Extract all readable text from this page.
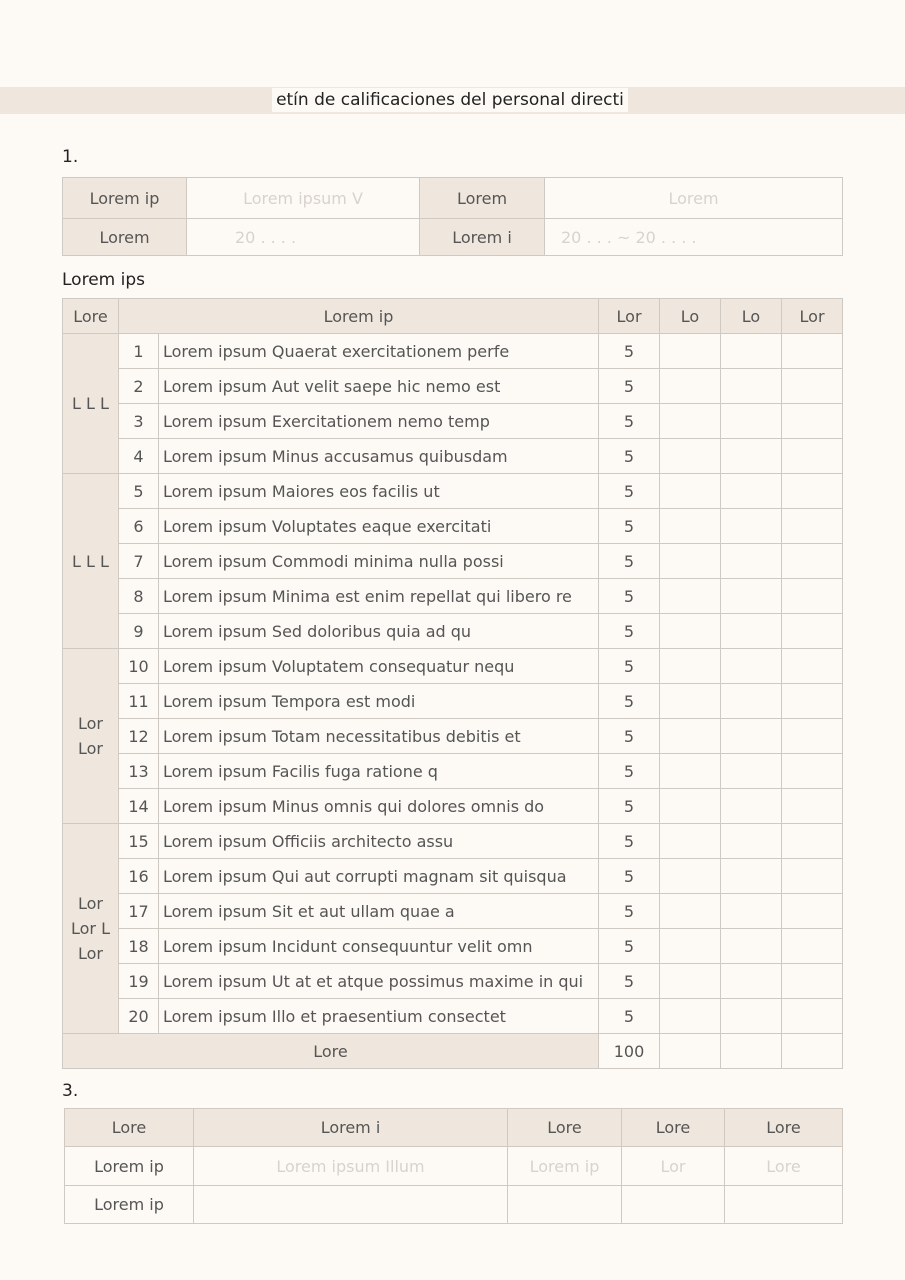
etín de calificaciones del personal directi
1.
Lorem ip	Lorem ipsum V	Lorem	Lorem
Lorem	20 . . . .	Lorem i	20 . . . ~ 20 . . . .
Lorem ips
Lore	Lorem ip		Lor	Lo	Lo	Lor
L L L	1	Lorem ipsum Quaerat exercitationem perfe	5			
	2	Lorem ipsum Aut velit saepe hic nemo est	5			
	3	Lorem ipsum Exercitationem nemo temp	5			
	4	Lorem ipsum Minus accusamus quibusdam	5			
L L L	5	Lorem ipsum Maiores eos facilis ut	5			
	6	Lorem ipsum Voluptates eaque exercitati	5			
	7	Lorem ipsum Commodi minima nulla possi	5			
	8	Lorem ipsum Minima est enim repellat qui libero re	5			
	9	Lorem ipsum Sed doloribus quia ad qu	5			
Lor Lor	10	Lorem ipsum Voluptatem consequatur nequ	5			
	11	Lorem ipsum Tempora est modi	5			
	12	Lorem ipsum Totam necessitatibus debitis et	5			
	13	Lorem ipsum Facilis fuga ratione q	5			
	14	Lorem ipsum Minus omnis qui dolores omnis do	5			
Lor Lor L Lor	15	Lorem ipsum Officiis architecto assu	5			
	16	Lorem ipsum Qui aut corrupti magnam sit quisqua	5			
	17	Lorem ipsum Sit et aut ullam quae a	5			
	18	Lorem ipsum Incidunt consequuntur velit omn	5			
	19	Lorem ipsum Ut at et atque possimus maxime in qui	5			
	20	Lorem ipsum Illo et praesentium consectet	5			
Lore			100			
3.
Lore	Lorem i	Lore	Lore	Lore
Lorem ip	Lorem ipsum Illum	Lorem ip	Lor	Lore
Lorem ip				
